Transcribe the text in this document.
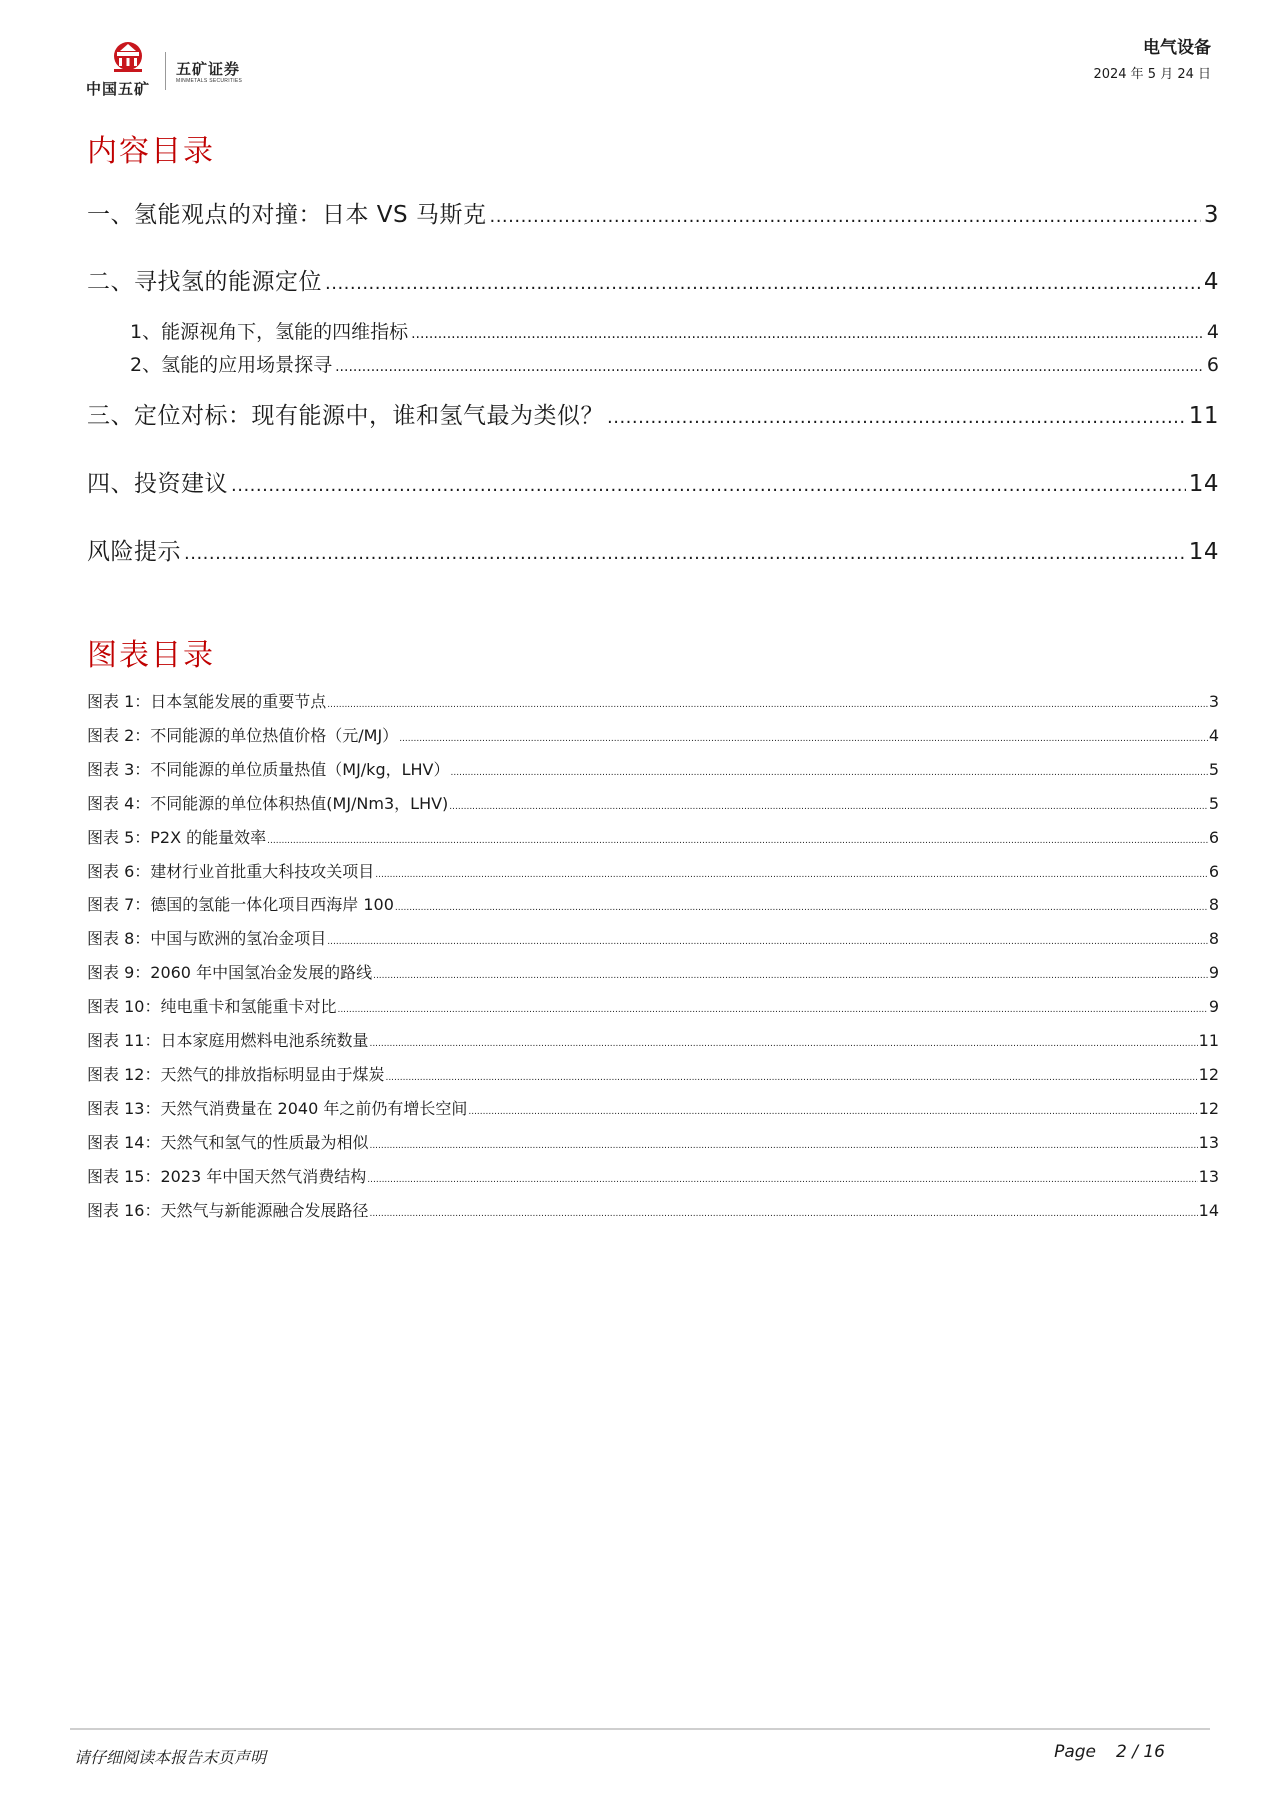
中国五矿
五矿证券
MINMETALS SECURITIES
电气设备
2024 年 5 月 24 日
内容目录
一、氢能观点的对撞：日本 VS 马斯克 .....	3
二、寻找氢的能源定位 .....	4
1、能源视角下，氢能的四维指标 .....	4
2、氢能的应用场景探寻 .....	6
三、定位对标：现有能源中，谁和氢气最为类似？ .....	11
四、投资建议 .....	14
风险提示 .....	14
图表目录
图表 1：日本氢能发展的重要节点 .....	3
图表 2：不同能源的单位热值价格（元/MJ） .....	4
图表 3：不同能源的单位质量热值（MJ/kg，LHV） .....	5
图表 4：不同能源的单位体积热值(MJ/Nm3，LHV) .....	5
图表 5：P2X 的能量效率 .....	6
图表 6：建材行业首批重大科技攻关项目 .....	6
图表 7：德国的氢能一体化项目西海岸 100 .....	8
图表 8：中国与欧洲的氢冶金项目 .....	8
图表 9：2060 年中国氢冶金发展的路线 .....	9
图表 10：纯电重卡和氢能重卡对比 .....	9
图表 11：日本家庭用燃料电池系统数量 .....	11
图表 12：天然气的排放指标明显由于煤炭 .....	12
图表 13：天然气消费量在 2040 年之前仍有增长空间 .....	12
图表 14：天然气和氢气的性质最为相似 .....	13
图表 15：2023 年中国天然气消费结构 .....	13
图表 16：天然气与新能源融合发展路径 .....	14
请仔细阅读本报告末页声明	Page 2 / 16
